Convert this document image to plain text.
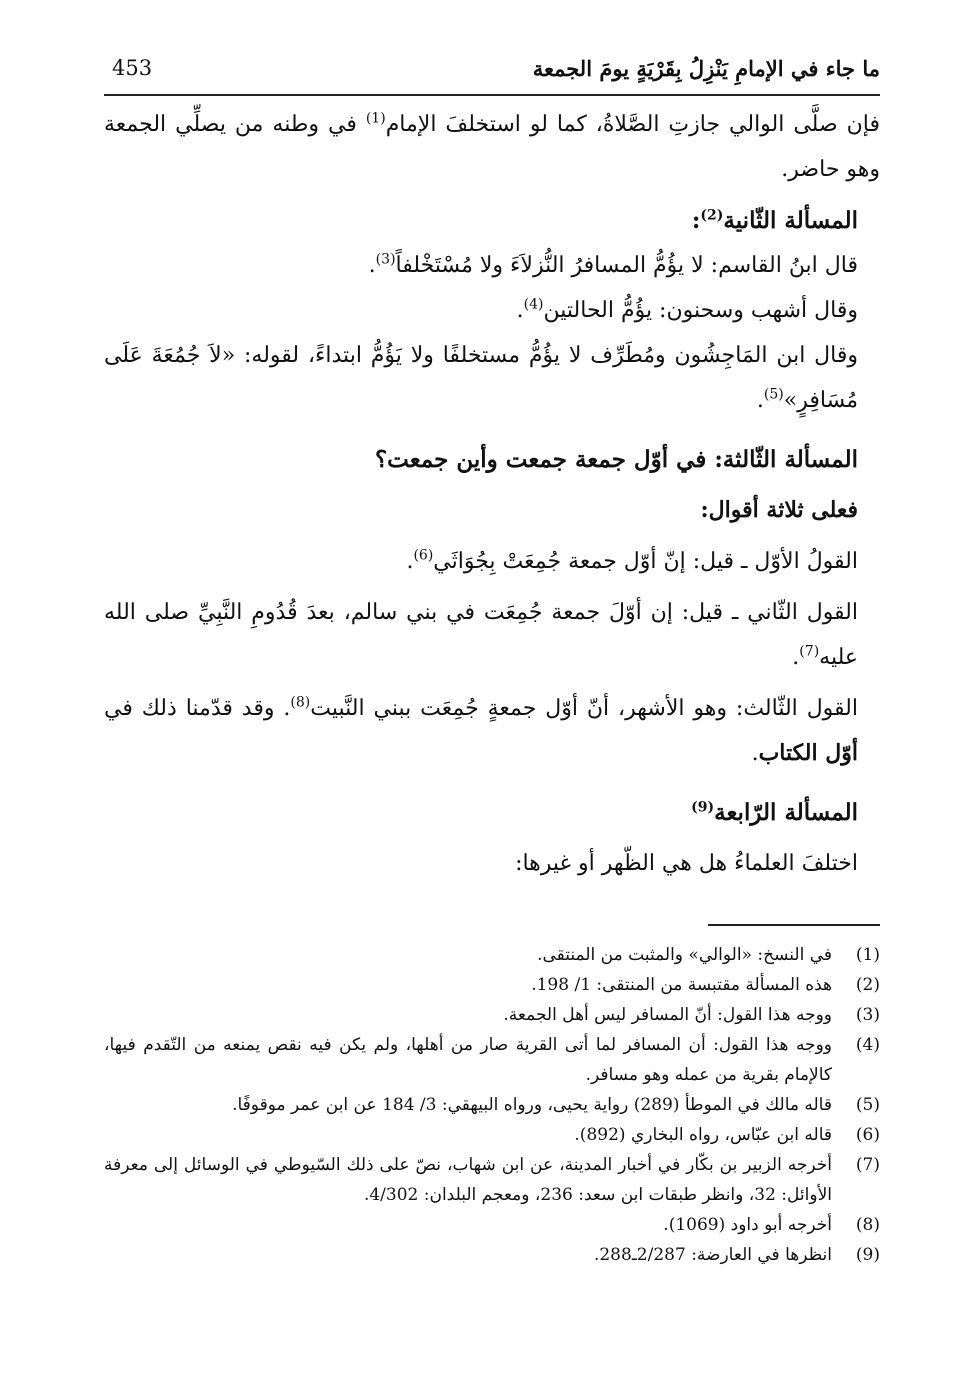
ما جاء في الإمامِ يَنْزِلُ بِقَرْيَةٍ يومَ الجمعة
453

فإن صلَّى الوالي جازتِ الصَّلاةُ، كما لو استخلفَ الإمام$^{(1)}$ في وطنه من يصلِّي الجمعة وهو حاضر.

المسألة الثّانية$^{(2)}$:

قال ابنُ القاسم: لا يؤُمُّ المسافرُ النُّزلاَءَ ولا مُسْتَخْلفاً$^{(3)}$.

وقال أشهب وسحنون: يؤُمُّ الحالتين$^{(4)}$.

وقال ابن المَاجِشُون ومُطَرِّف لا يؤُمُّ مستخلفًا ولا يَؤُمُّ ابتداءً، لقوله: «لاَ جُمُعَةَ عَلَى مُسَافِرٍ»$^{(5)}$.

المسألة الثّالثة: في أوّل جمعة جمعت وأين جمعت؟

فعلى ثلاثة أقوال:

القولُ الأوّل ـ قيل: إنّ أوّل جمعة جُمِعَتْ بِجُوَاثَي$^{(6)}$.

القول الثّاني ـ قيل: إن أوّلَ جمعة جُمِعَت في بني سالم، بعدَ قُدُومِ النَّبِيِّ صلى الله عليه$^{(7)}$.

القول الثّالث: وهو الأشهر، أنّ أوّل جمعةٍ جُمِعَت ببني النَّبيت$^{(8)}$. وقد قدّمنا ذلك في أوّل الكتاب.

المسألة الرّابعة$^{(9)}$

اختلفَ العلماءُ هل هي الظّهر أو غيرها:

(1)
في النسخ: «الوالي» والمثبت من المنتقى.
(2)
هذه المسألة مقتبسة من المنتقى: 1/ 198.
(3)
ووجه هذا القول: أنّ المسافر ليس أهل الجمعة.
(4)
ووجه هذا القول: أن المسافر لما أتى القرية صار من أهلها، ولم يكن فيه نقص يمنعه من التّقدم فيها، كالإمام بقرية من عمله وهو مسافر.
(5)
قاله مالك في الموطأ (289) رواية يحيى، ورواه البيهقي: 3/ 184 عن ابن عمر موقوفًا.
(6)
قاله ابن عبّاس، رواه البخاري (892).
(7)
أخرجه الزبير بن بكّار في أخبار المدينة، عن ابن شهاب، نصّ على ذلك السّيوطي في الوسائل إلى معرفة الأوائل: 32، وانظر طبقات ابن سعد: 236، ومعجم البلدان: 4/302.
(8)
أخرجه أبو داود (1069).
(9)
انظرها في العارضة: 2/287ـ288.
